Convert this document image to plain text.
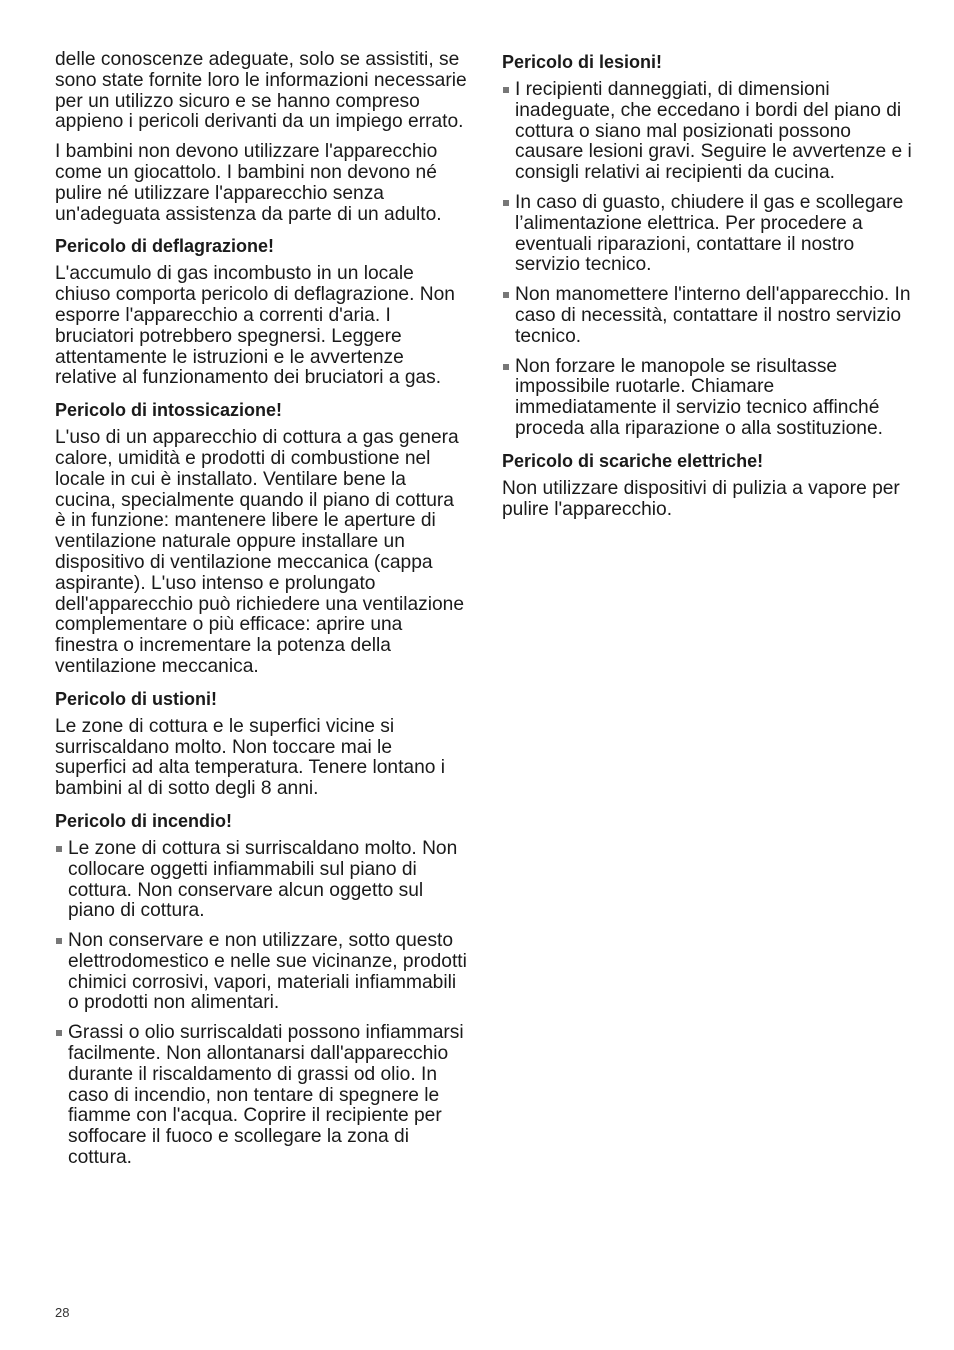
delle conoscenze adeguate, solo se assistiti, se sono state fornite loro le informazioni necessarie per un utilizzo sicuro e se hanno compreso appieno i pericoli derivanti da un impiego errato.

I bambini non devono utilizzare l'apparecchio come un giocattolo. I bambini non devono né pulire né utilizzare l'apparecchio senza un'adeguata assistenza da parte di un adulto.

Pericolo di deflagrazione!

L'accumulo di gas incombusto in un locale chiuso comporta pericolo di deflagrazione. Non esporre l'apparecchio a correnti d'aria. I bruciatori potrebbero spegnersi. Leggere attentamente le istruzioni e le avvertenze relative al funzionamento dei bruciatori a gas.

Pericolo di intossicazione!

L'uso di un apparecchio di cottura a gas genera calore, umidità e prodotti di combustione nel locale in cui è installato. Ventilare bene la cucina, specialmente quando il piano di cottura è in funzione: mantenere libere le aperture di ventilazione naturale oppure installare un dispositivo di ventilazione meccanica (cappa aspirante). L'uso intenso e prolungato dell'apparecchio può richiedere una ventilazione complementare o più efficace: aprire una finestra o incrementare la potenza della ventilazione meccanica.

Pericolo di ustioni!

Le zone di cottura e le superfici vicine si surriscaldano molto. Non toccare mai le superfici ad alta temperatura. Tenere lontano i bambini al di sotto degli 8 anni.

Pericolo di incendio!
Le zone di cottura si surriscaldano molto. Non collocare oggetti infiammabili sul piano di cottura. Non conservare alcun oggetto sul piano di cottura.
Non conservare e non utilizzare, sotto questo elettrodomestico e nelle sue vicinanze, prodotti chimici corrosivi, vapori, materiali infiammabili o prodotti non alimentari.
Grassi o olio surriscaldati possono infiammarsi facilmente. Non allontanarsi dall'apparecchio durante il riscaldamento di grassi od olio. In caso di incendio, non tentare di spegnere le fiamme con l'acqua. Coprire il recipiente per soffocare il fuoco e scollegare la zona di cottura.
Pericolo di lesioni!
I recipienti danneggiati, di dimensioni inadeguate, che eccedano i bordi del piano di cottura o siano mal posizionati possono causare lesioni gravi. Seguire le avvertenze e i consigli relativi ai recipienti da cucina.
In caso di guasto, chiudere il gas e scollegare l’alimentazione elettrica. Per procedere a eventuali riparazioni, contattare il nostro servizio tecnico.
Non manomettere l'interno dell'apparecchio. In caso di necessità, contattare il nostro servizio tecnico.
Non forzare le manopole se risultasse impossibile ruotarle. Chiamare immediatamente il servizio tecnico affinché proceda alla riparazione o alla sostituzione.
Pericolo di scariche elettriche!

Non utilizzare dispositivi di pulizia a vapore per pulire l'apparecchio.

28
